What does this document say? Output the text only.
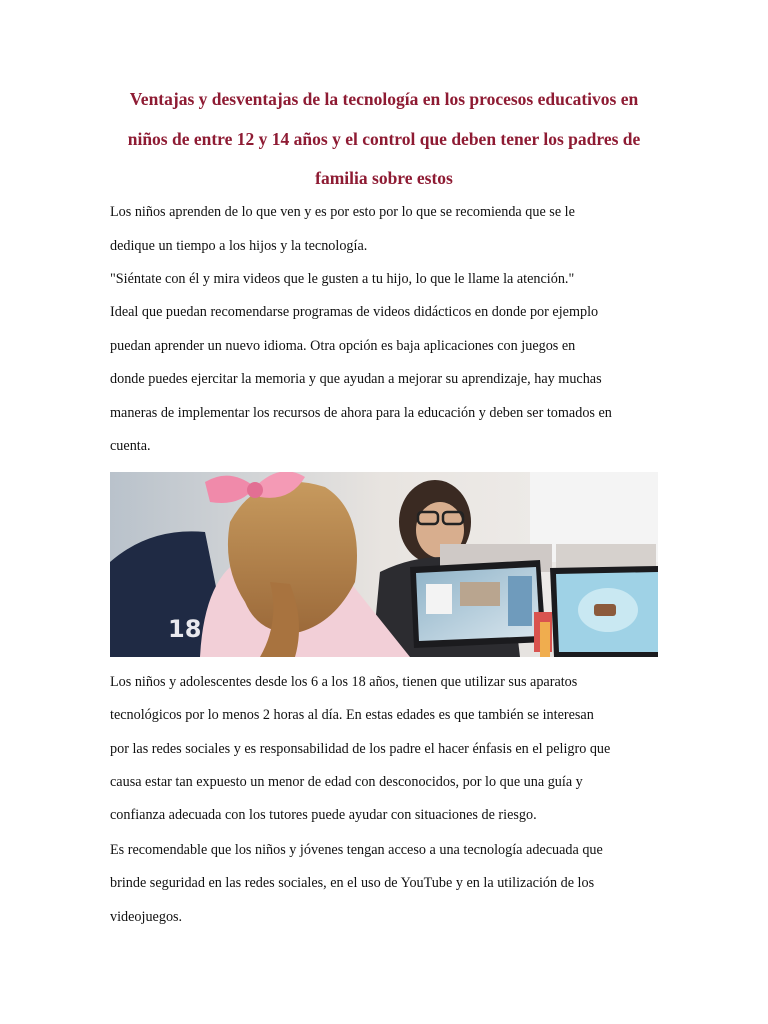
Ventajas y desventajas de la tecnología en los procesos educativos en
niños de entre 12 y 14 años y el control que deben tener los padres de
familia sobre estos

Los niños aprenden de lo que ven y es por esto por lo que se recomienda que se le
dedique un tiempo a los hijos y la tecnología.
"Siéntate con él y mira videos que le gusten a tu hijo, lo que le llame la atención."

Ideal que puedan recomendarse programas de videos didácticos en donde por ejemplo
puedan aprender un nuevo idioma. Otra opción es baja aplicaciones con juegos en
donde puedes ejercitar la memoria y que ayudan a mejorar su aprendizaje, hay muchas
maneras de implementar los recursos de ahora para la educación y deben ser tomados en
cuenta.

18

Los niños y adolescentes desde los 6 a los 18 años, tienen que utilizar sus aparatos
tecnológicos por lo menos 2 horas al día. En estas edades es que también se interesan
por las redes sociales y es responsabilidad de los padre el hacer énfasis en el peligro que
causa estar tan expuesto un menor de edad con desconocidos, por lo que una guía y
confianza adecuada con los tutores puede ayudar con situaciones de riesgo.

Es recomendable que los niños y jóvenes tengan acceso a una tecnología adecuada que
brinde seguridad en las redes sociales, en el uso de YouTube y en la utilización de los
videojuegos.
